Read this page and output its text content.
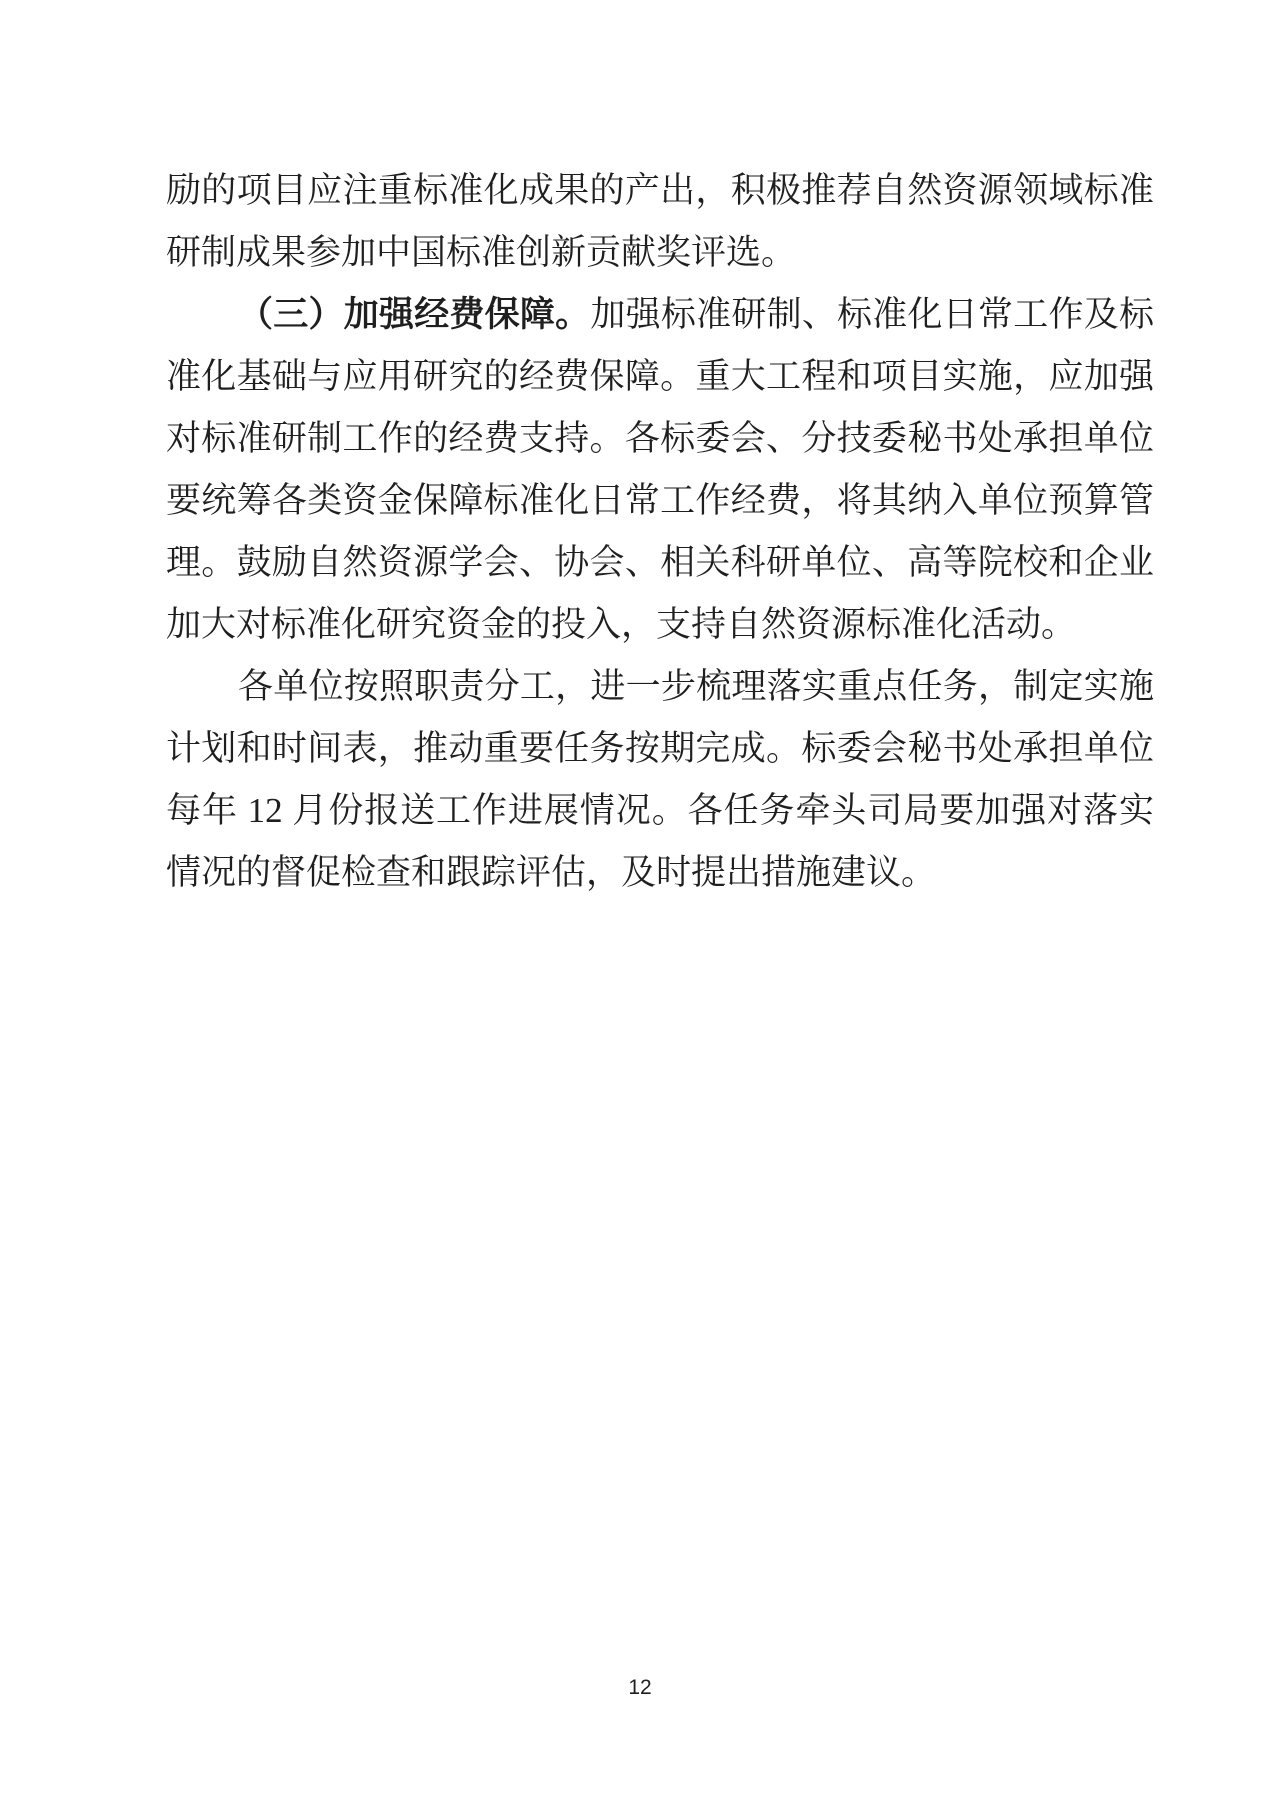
励的项目应注重标准化成果的产出，积极推荐自然资源领域标准
研制成果参加中国标准创新贡献奖评选。
（三）加强经费保障。加强标准研制、标准化日常工作及标
准化基础与应用研究的经费保障。重大工程和项目实施，应加强
对标准研制工作的经费支持。各标委会、分技委秘书处承担单位
要统筹各类资金保障标准化日常工作经费，将其纳入单位预算管
理。鼓励自然资源学会、协会、相关科研单位、高等院校和企业
加大对标准化研究资金的投入，支持自然资源标准化活动。
各单位按照职责分工，进一步梳理落实重点任务，制定实施
计划和时间表，推动重要任务按期完成。标委会秘书处承担单位
每年 12 月份报送工作进展情况。各任务牵头司局要加强对落实
情况的督促检查和跟踪评估，及时提出措施建议。
12
